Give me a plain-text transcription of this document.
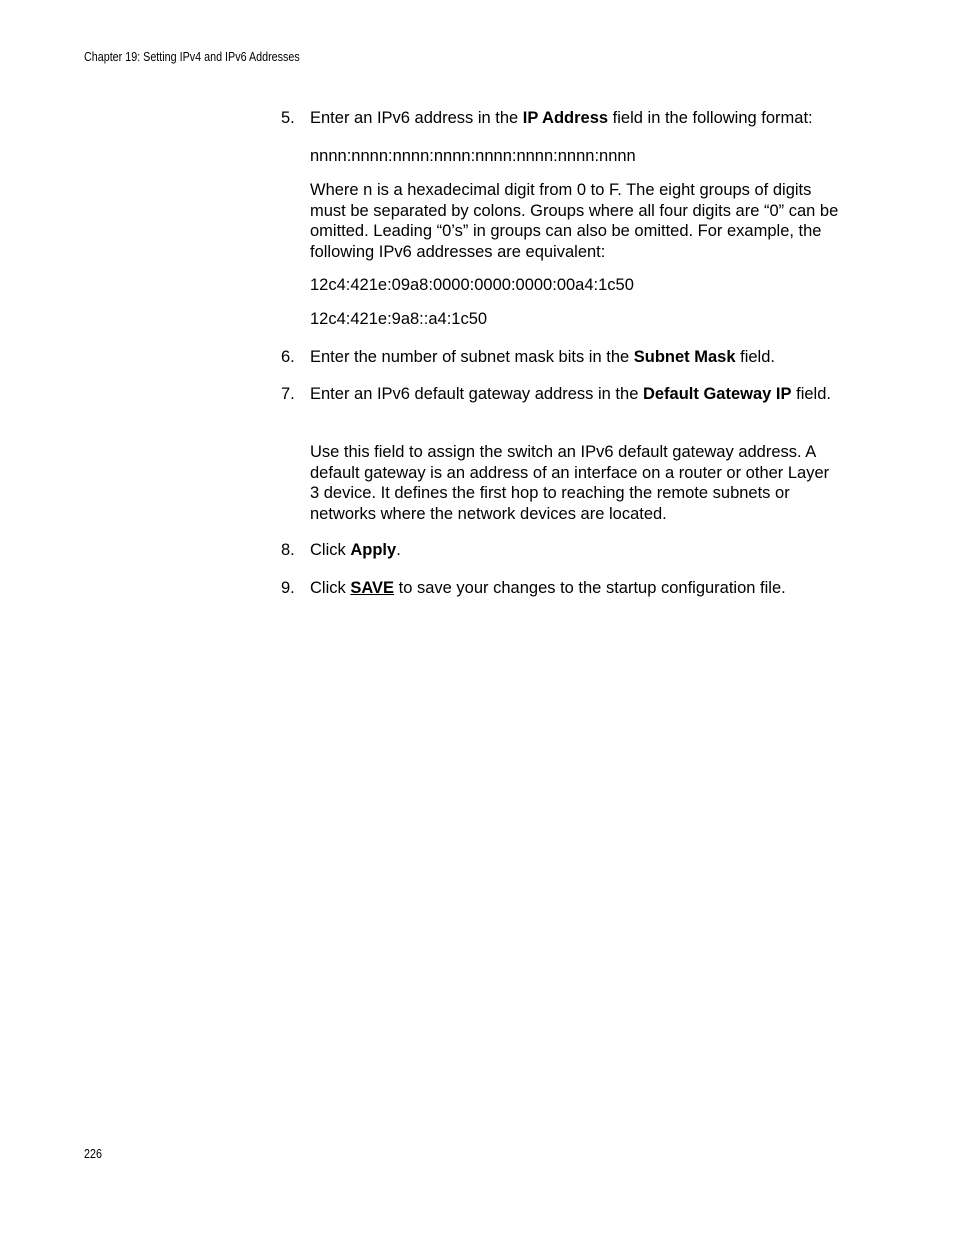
Chapter 19: Setting IPv4 and IPv6 Addresses
5. Enter an IPv6 address in the IP Address field in the following format:
nnnn:nnnn:nnnn:nnnn:nnnn:nnnn:nnnn:nnnn
Where n is a hexadecimal digit from 0 to F. The eight groups of digits must be separated by colons. Groups where all four digits are “0” can be omitted. Leading “0’s” in groups can also be omitted. For example, the following IPv6 addresses are equivalent:
12c4:421e:09a8:0000:0000:0000:00a4:1c50
12c4:421e:9a8::a4:1c50
6. Enter the number of subnet mask bits in the Subnet Mask field.
7. Enter an IPv6 default gateway address in the Default Gateway IP field.
Use this field to assign the switch an IPv6 default gateway address. A default gateway is an address of an interface on a router or other Layer 3 device. It defines the first hop to reaching the remote subnets or networks where the network devices are located.
8. Click Apply.
9. Click SAVE to save your changes to the startup configuration file.
226
